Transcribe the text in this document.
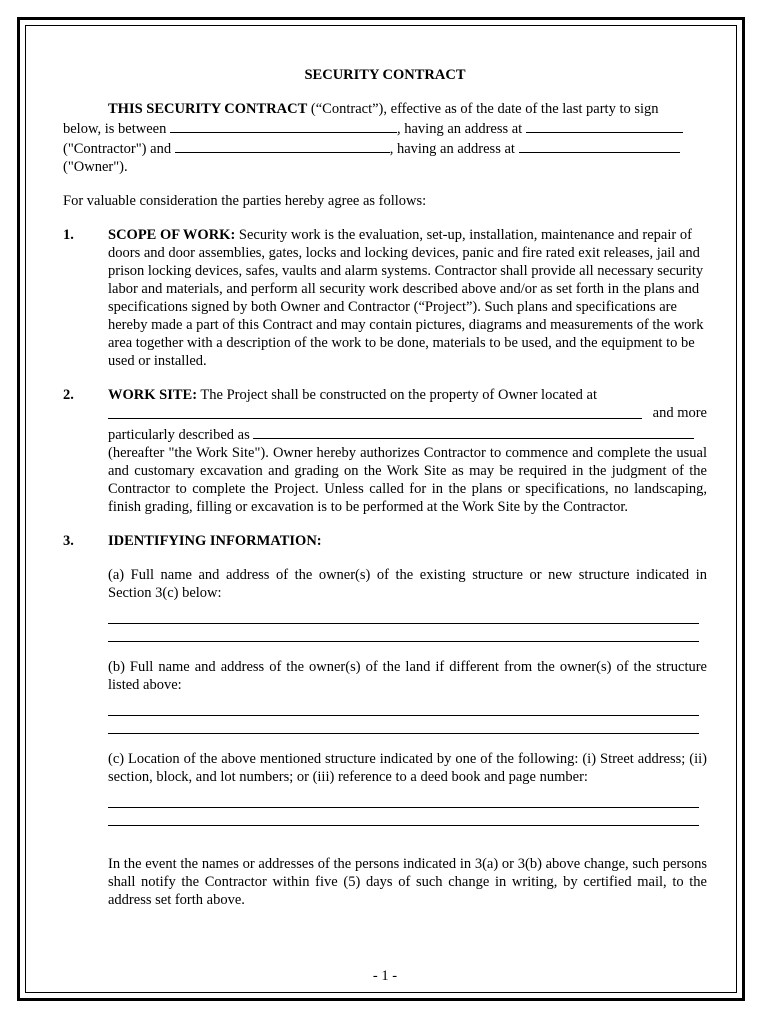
SECURITY CONTRACT

THIS SECURITY CONTRACT (“Contract”), effective as of the date of the last party to sign

below, is between	, having an address at

("Contractor") and	, having an address at

("Owner").

For valuable consideration the parties hereby agree as follows:

1.	SCOPE OF WORK: Security work is the evaluation, set-up, installation, maintenance and repair of doors and door assemblies, gates, locks and locking devices, panic and fire rated exit releases, jail and prison locking devices, safes, vaults and alarm systems. Contractor shall provide all necessary security labor and materials, and perform all security work described above and/or as set forth in the plans and specifications signed by both Owner and Contractor (“Project”). Such plans and specifications are hereby made a part of this Contract and may contain pictures, diagrams and measurements of the work area together with a description of the work to be done, materials to be used, and the equipment to be used or installed.

2.	WORK SITE: The Project shall be constructed on the property of Owner located at

and more

particularly described as

(hereafter "the Work Site"). Owner hereby authorizes Contractor to commence and complete the usual and customary excavation and grading on the Work Site as may be required in the judgment of the Contractor to complete the Project. Unless called for in the plans or specifications, no landscaping, finish grading, filling or excavation is to be performed at the Work Site by the Contractor.

3.	IDENTIFYING INFORMATION:

(a) Full name and address of the owner(s) of the existing structure or new structure indicated in Section 3(c) below:

(b) Full name and address of the owner(s) of the land if different from the owner(s) of the structure listed above:

(c) Location of the above mentioned structure indicated by one of the following: (i) Street address; (ii) section, block, and lot numbers; or (iii) reference to a deed book and page number:

In the event the names or addresses of the persons indicated in 3(a) or 3(b) above change, such persons shall notify the Contractor within five (5) days of such change in writing, by certified mail, to the address set forth above.

- 1 -
